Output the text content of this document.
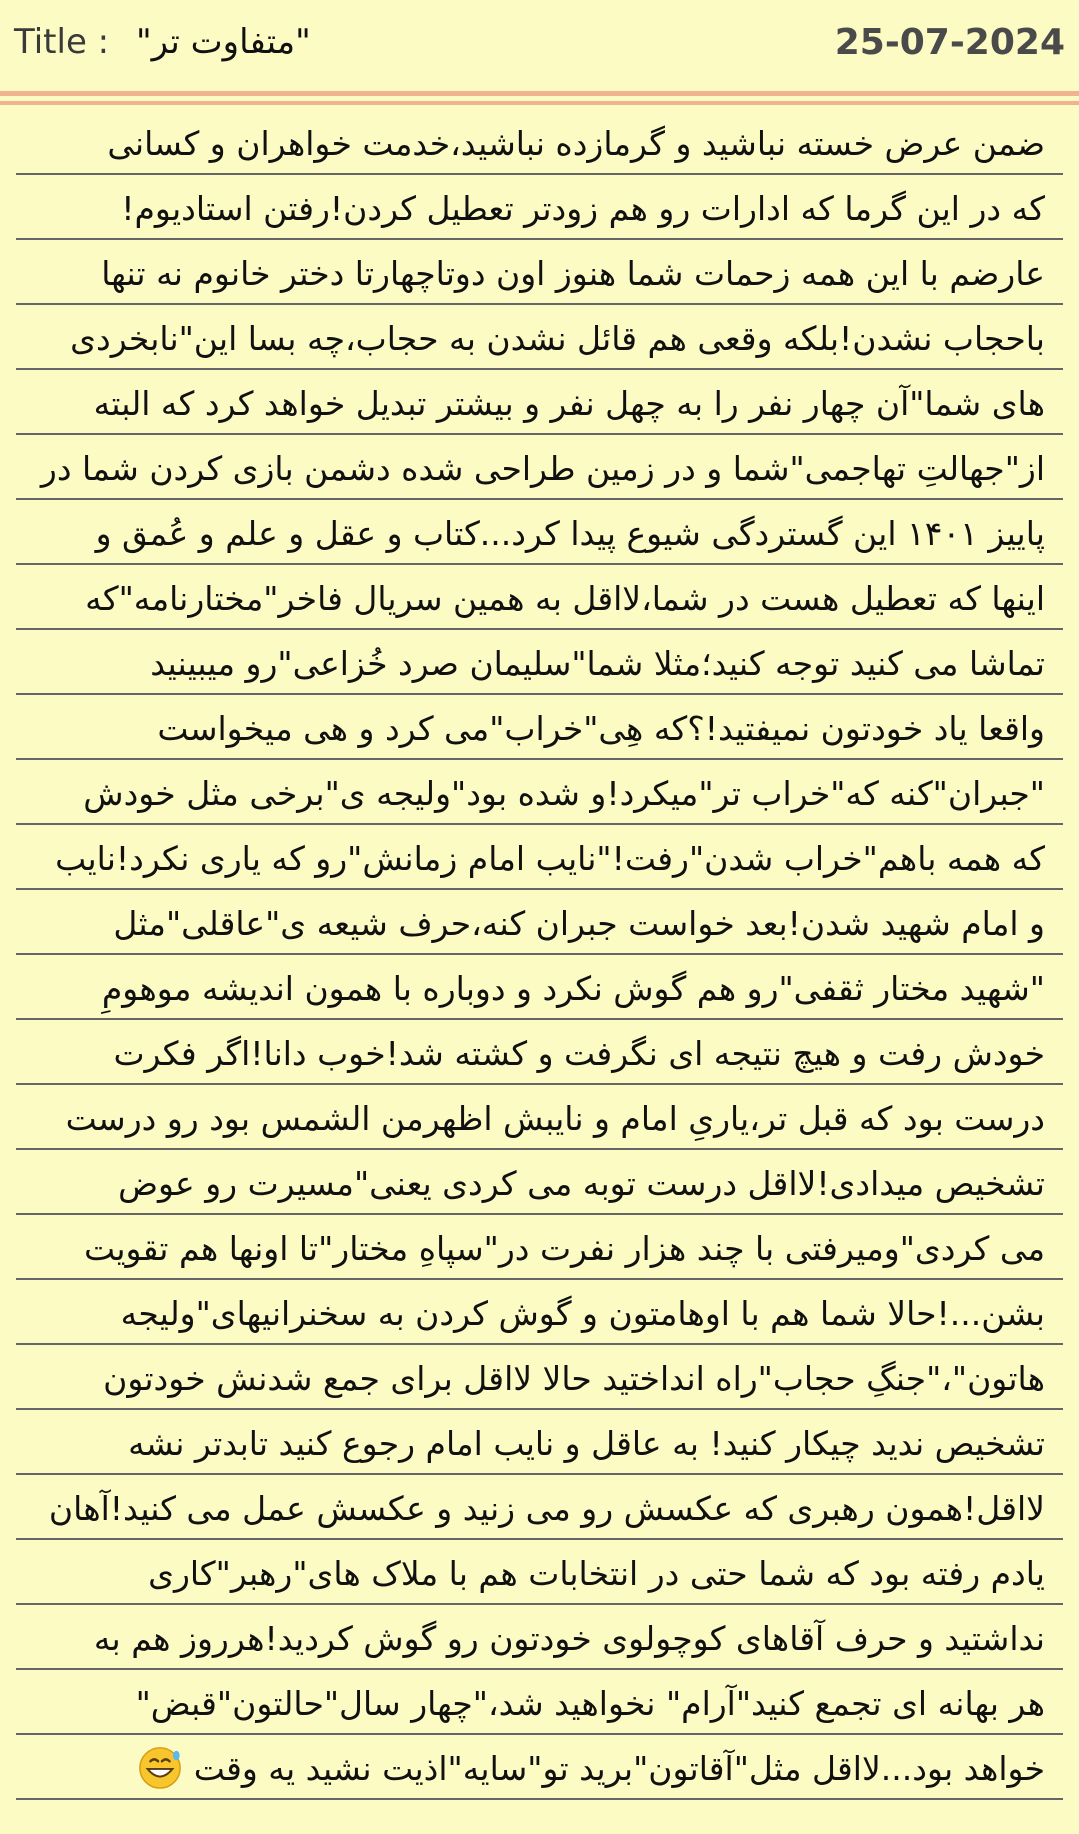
Title : "متفاوت تر"	25-07-2024
ضمن عرض خسته نباشید و گرمازده نباشید،خدمت خواهران و کسانی
که در این گرما که ادارات رو هم زودتر تعطیل کردن!رفتن استادیوم!
عارضم با این همه زحمات شما هنوز اون دوتاچهارتا دختر خانوم نه تنها
باحجاب نشدن!بلکه وقعی هم قائل نشدن به حجاب،چه بسا این"نابخردی
های شما"آن چهار نفر را به چهل نفر و بیشتر تبدیل خواهد کرد که البته
از"جهالتِ تهاجمی"شما و در زمین طراحی شده دشمن بازی کردن شما در
پاییز ۱۴۰۱ این گستردگی شیوع پیدا کرد...کتاب و عقل و علم و عُمق و
اینها که تعطیل هست در شما،لااقل به همین سریال فاخر"مختارنامه"که
تماشا می کنید توجه کنید؛مثلا شما"سلیمان صرد خُزاعی"رو میبینید
واقعا یاد خودتون نمیفتید!؟که هِی"خراب"می کرد و هی میخواست
"جبران"کنه که"خراب تر"میکرد!و شده بود"ولیجه ی"برخی مثل خودش
که همه باهم"خراب شدن"رفت!"نایب امام زمانش"رو که یاری نکرد!نایب
و امام شهید شدن!بعد خواست جبران کنه،حرف شیعه ی"عاقلی"مثل
"شهید مختار ثقفی"رو هم گوش نکرد و دوباره با همون اندیشه موهومِ
خودش رفت و هیچ نتیجه ای نگرفت و کشته شد!خوب دانا!اگر فکرت
درست بود که قبل تر،یاریِ امام و نایبش اظهرمن الشمس بود رو درست
تشخیص میدادی!لااقل درست توبه می کردی یعنی"مسیرت رو عوض
می کردی"ومیرفتی با چند هزار نفرت در"سپاهِ مختار"تا اونها هم تقویت
بشن...!حالا شما هم با اوهامتون و گوش کردن به سخنرانیهای"ولیجه
هاتون"،"جنگِ حجاب"راه انداختید حالا لااقل برای جمع شدنش خودتون
تشخیص ندید چیکار کنید! به عاقل و نایب امام رجوع کنید تابدتر نشه
لااقل!همون رهبری که عکسش رو می زنید و عکسش عمل می کنید!آهان
یادم رفته بود که شما حتی در انتخابات هم با ملاک های"رهبر"کاری
نداشتید و حرف آقاهای کوچولوی خودتون رو گوش کردید!هرروز هم به
هر بهانه ای تجمع کنید"آرام" نخواهید شد،"چهار سال"حالتون"قبض"
خواهد بود...لااقل مثل"آقاتون"برید تو"سایه"اذیت نشید یه وقت
